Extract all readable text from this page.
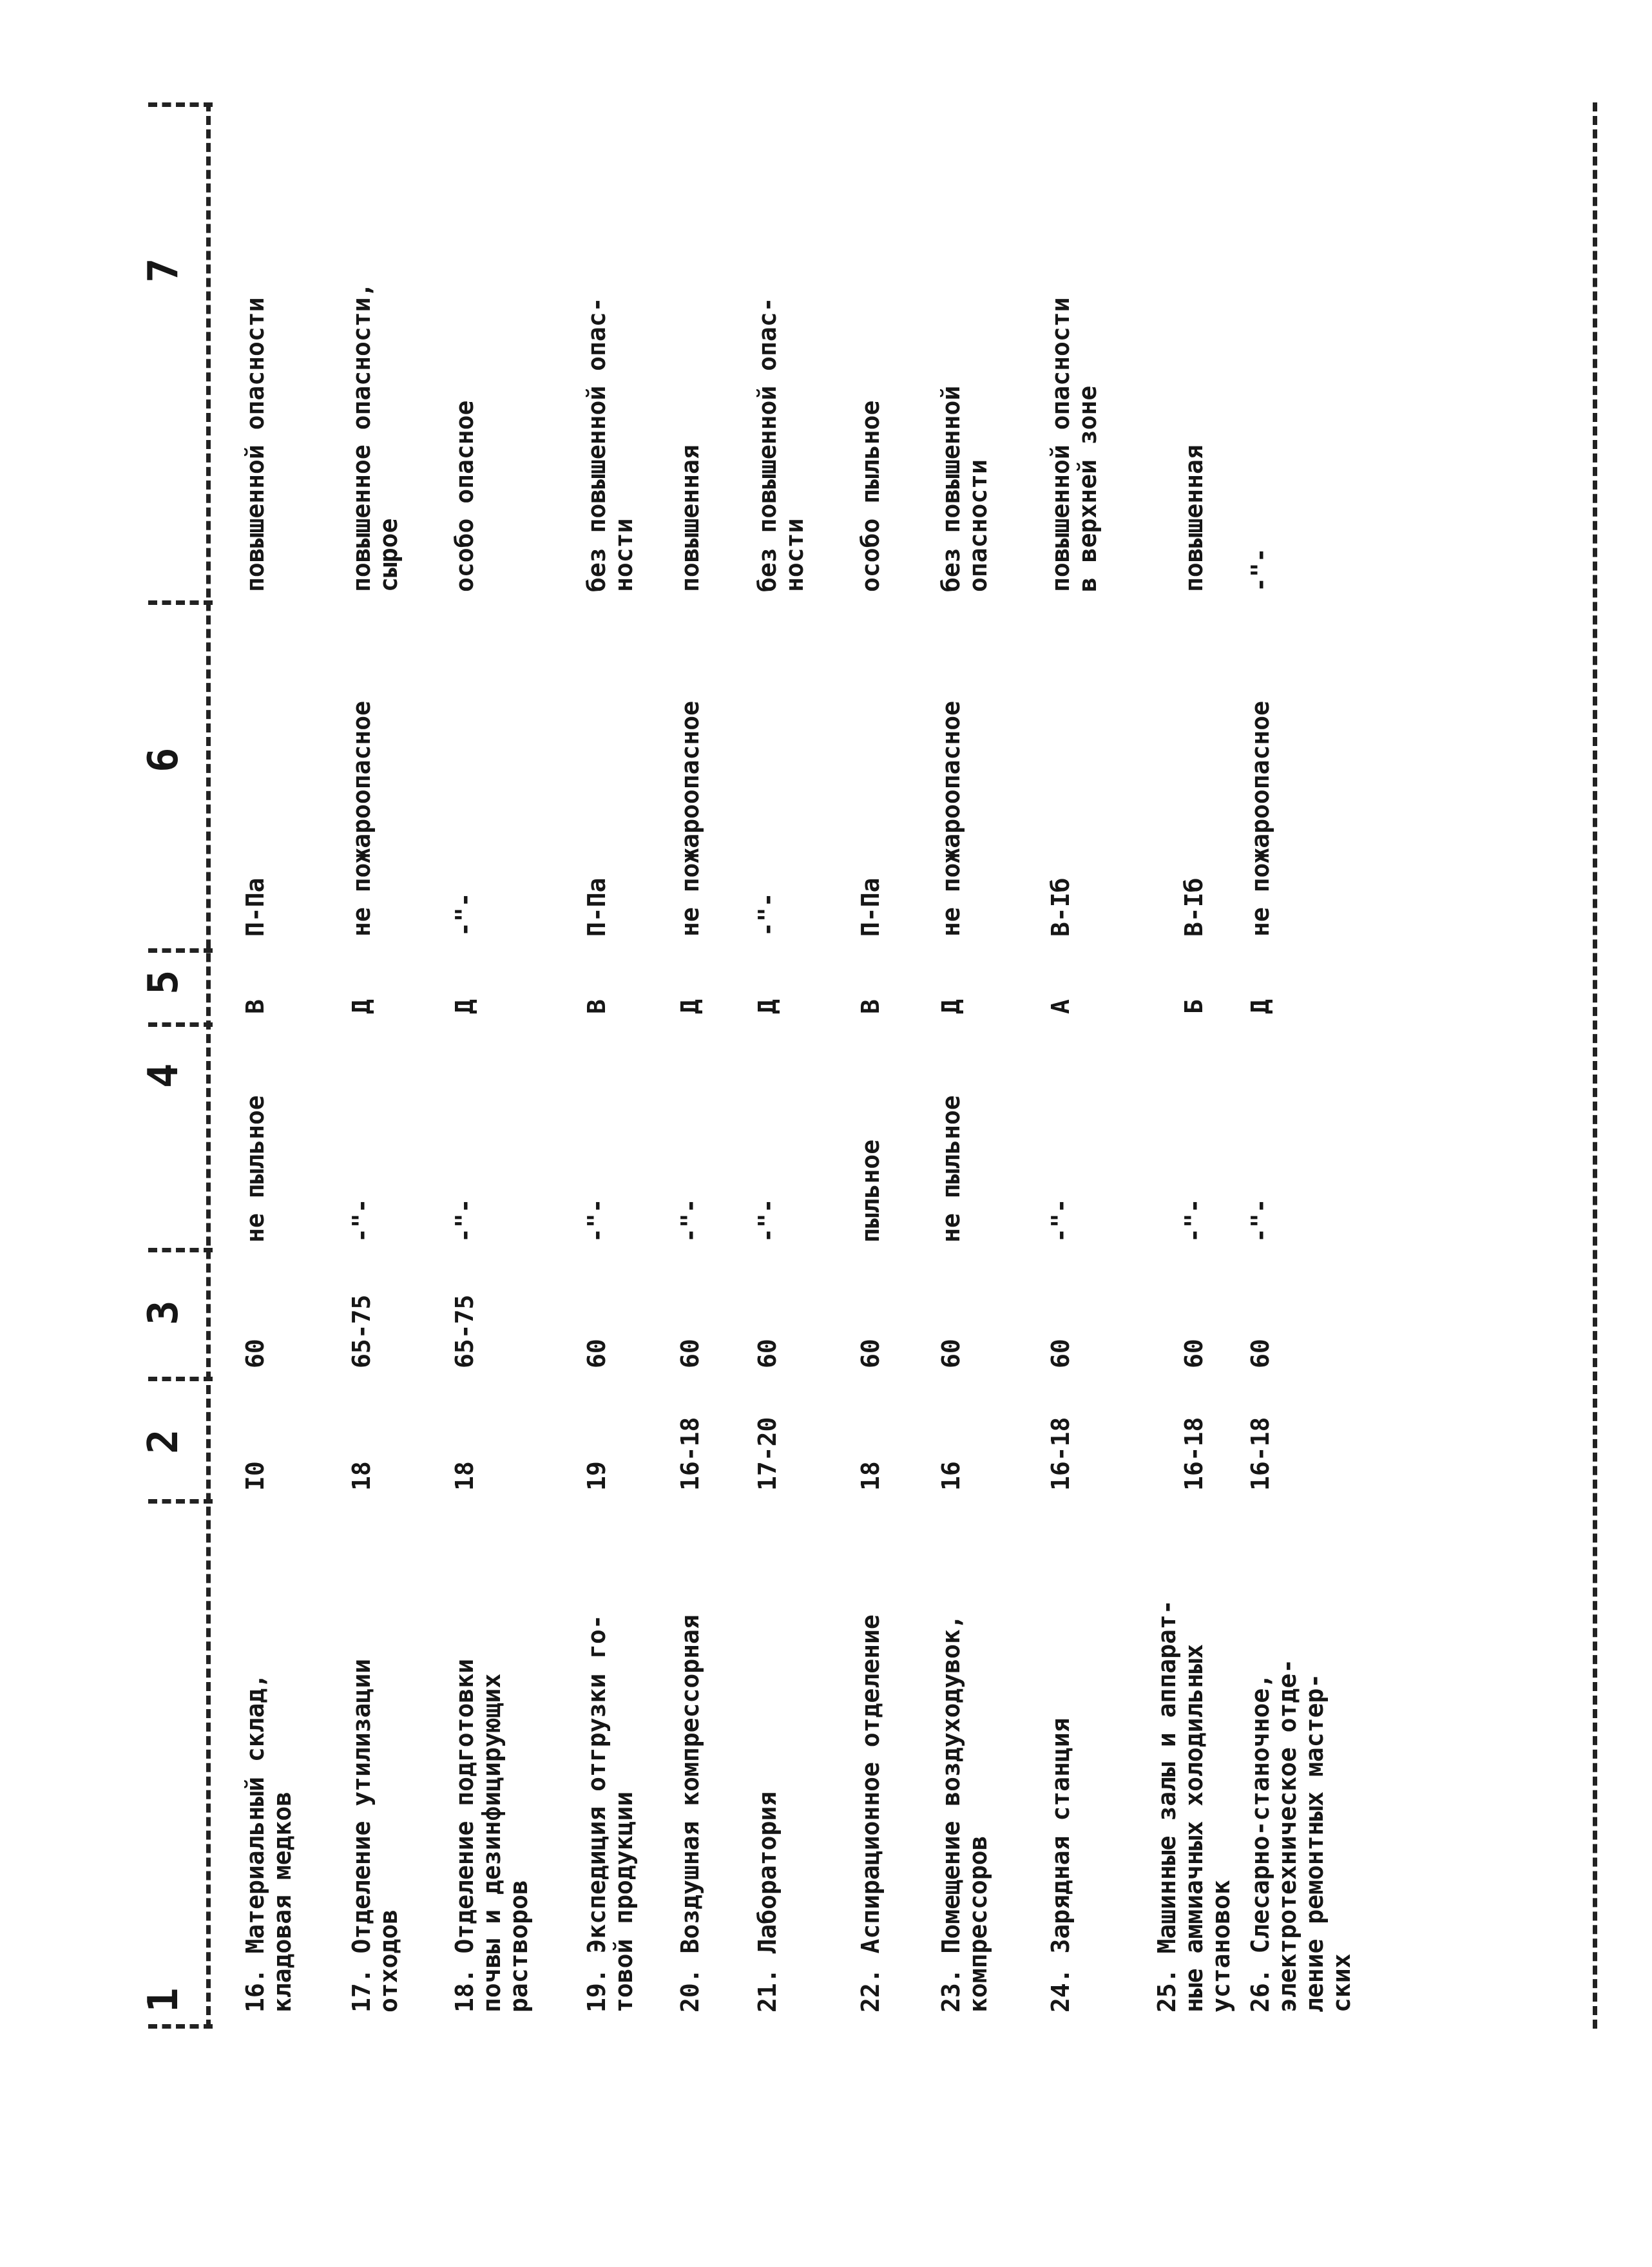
1
2
3
4
5
6
7
16. Материальный склад,
кладовая медков
I0
60
не пыльное
В
П-Па
повышенной опасности
17. Отделение утилизации
отходов
18
65-75
-"-
Д
не пожароопасное
повышенное опасности,
сырое
18. Отделение подготовки
почвы и дезинфицирующих
растворов
18
65-75
-"-
Д
-"-
особо опасное
19. Экспедиция отгрузки го-
товой продукции
19
60
-"-
В
П-Па
без повышенной опас-
ности
20. Воздушная компрессорная
16-18
60
-"-
Д
не пожароопасное
повышенная
21. Лаборатория
17-20
60
-"-
Д
-"-
без повышенной опас-
ности
22. Аспирационное отделение
18
60
пыльное
В
П-Па
особо пыльное
23. Помещение воздуходувок,
компрессоров
16
60
не пыльное
Д
не пожароопасное
без повышенной
опасности
24. Зарядная станция
16-18
60
-"-
А
В-Iб
повышенной опасности
в верхней зоне
25. Машинные залы и аппарат-
ные аммиачных холодильных
установок
16-18
60
-"-
Б
В-Iб
повышенная
26. Слесарно-станочное,
электротехническое отде-
ление ремонтных мастер-
ских
16-18
60
-"-
Д
не пожароопасное
-"-
